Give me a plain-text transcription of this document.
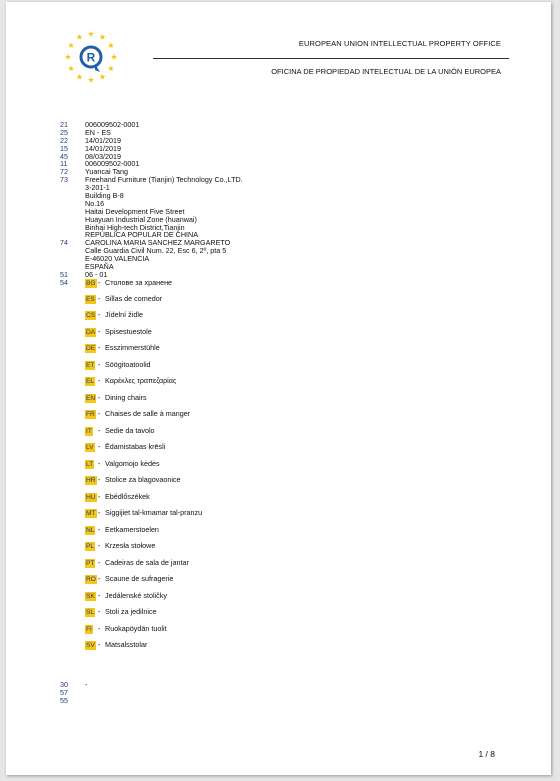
R
EUROPEAN UNION INTELLECTUAL PROPERTY OFFICE
OFICINA DE PROPIEDAD INTELECTUAL DE LA UNIÓN EUROPEA
21 006009502-0001
25 EN - ES
22 14/01/2019
15 14/01/2019
45 08/03/2019
11 006009502-0001
72 Yuancai Tang
73 Freehand Furniture (Tianjin) Technology Co.,LTD.
3-201-1
Building B-8
No.16
Haitai Development Five Street
Huayuan Industrial Zone (huanwai)
Binhai High-tech District,Tianjin
REPÚBLICA POPULAR DE CHINA
74 CAROLINA MARIA SANCHEZ MARGARETO
Calle Guardia Civil Num. 22, Esc 6, 2º, pta 5
E-46020 VALENCIA
ESPAÑA
51 06 - 01
54	BG - Столове за хранене
ES - Sillas de comedor
CS - Jídelní židle
DA - Spisestuestole
DE - Esszimmerstühle
ET - Söögitoatoolid
EL - Καρέκλες τραπεζαρίας
EN - Dining chairs
FR - Chaises de salle à manger
IT - Sedie da tavolo
LV - Ēdamistabas krēsli
LT - Valgomojo kėdės
HR - Stolice za blagovaonice
HU - Ebédlőszékek
MT - Siggijiet tal-kmamar tal-pranzu
NL - Eetkamerstoelen
PL - Krzesła stołowe
PT - Cadeiras de sala de jantar
RO - Scaune de sufragerie
SK - Jedálenské stoličky
SL - Stoli za jedilnice
FI - Ruokapöydän tuolit
SV - Matsalsstolar
30 -
57
55
1 / 8
